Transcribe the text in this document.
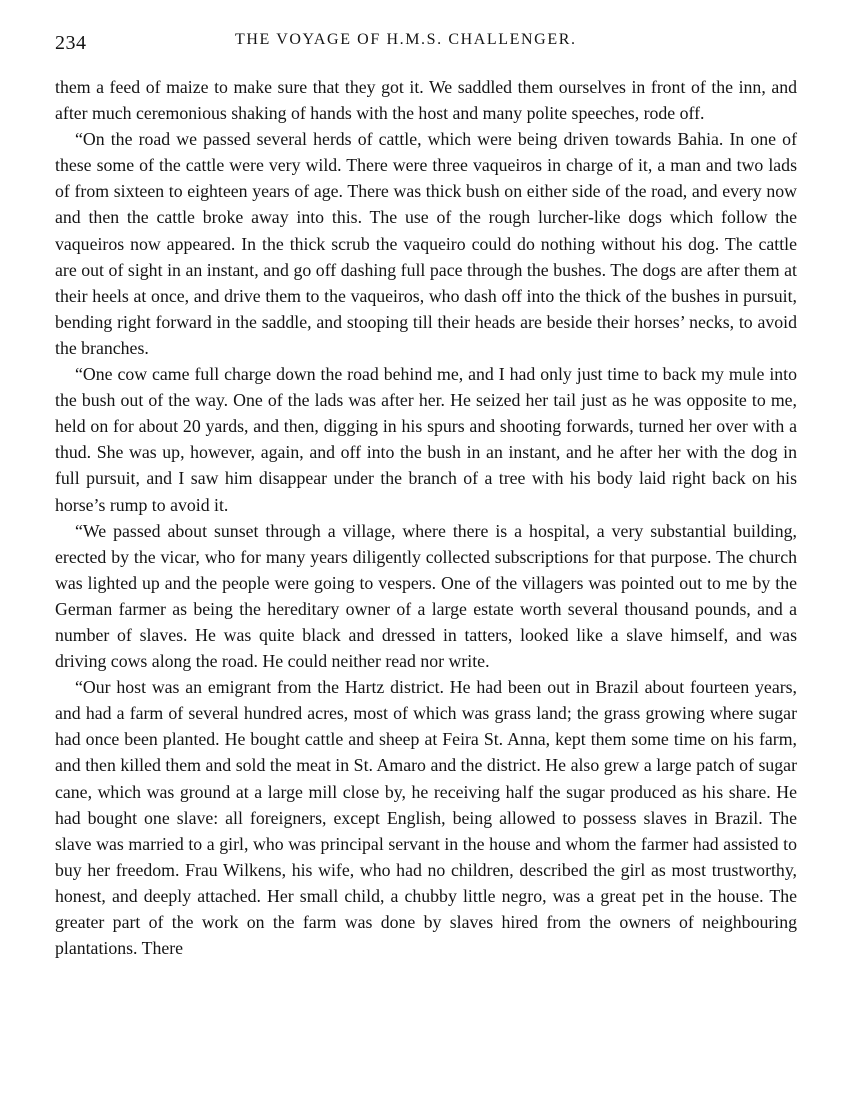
234	THE VOYAGE OF H.M.S. CHALLENGER.

them a feed of maize to make sure that they got it. We saddled them ourselves in front of the inn, and after much ceremonious shaking of hands with the host and many polite speeches, rode off.

“On the road we passed several herds of cattle, which were being driven towards Bahia. In one of these some of the cattle were very wild. There were three vaqueiros in charge of it, a man and two lads of from sixteen to eighteen years of age. There was thick bush on either side of the road, and every now and then the cattle broke away into this. The use of the rough lurcher-like dogs which follow the vaqueiros now appeared. In the thick scrub the vaqueiro could do nothing without his dog. The cattle are out of sight in an instant, and go off dashing full pace through the bushes. The dogs are after them at their heels at once, and drive them to the vaqueiros, who dash off into the thick of the bushes in pursuit, bending right forward in the saddle, and stooping till their heads are beside their horses’ necks, to avoid the branches.

“One cow came full charge down the road behind me, and I had only just time to back my mule into the bush out of the way. One of the lads was after her. He seized her tail just as he was opposite to me, held on for about 20 yards, and then, digging in his spurs and shooting forwards, turned her over with a thud. She was up, however, again, and off into the bush in an instant, and he after her with the dog in full pursuit, and I saw him disappear under the branch of a tree with his body laid right back on his horse’s rump to avoid it.

“We passed about sunset through a village, where there is a hospital, a very substantial building, erected by the vicar, who for many years diligently collected subscriptions for that purpose. The church was lighted up and the people were going to vespers. One of the villagers was pointed out to me by the German farmer as being the hereditary owner of a large estate worth several thousand pounds, and a number of slaves. He was quite black and dressed in tatters, looked like a slave himself, and was driving cows along the road. He could neither read nor write.

“Our host was an emigrant from the Hartz district. He had been out in Brazil about fourteen years, and had a farm of several hundred acres, most of which was grass land; the grass growing where sugar had once been planted. He bought cattle and sheep at Feira St. Anna, kept them some time on his farm, and then killed them and sold the meat in St. Amaro and the district. He also grew a large patch of sugar cane, which was ground at a large mill close by, he receiving half the sugar produced as his share. He had bought one slave: all foreigners, except English, being allowed to possess slaves in Brazil. The slave was married to a girl, who was principal servant in the house and whom the farmer had assisted to buy her freedom. Frau Wilkens, his wife, who had no children, described the girl as most trustworthy, honest, and deeply attached. Her small child, a chubby little negro, was a great pet in the house. The greater part of the work on the farm was done by slaves hired from the owners of neighbouring plantations. There
